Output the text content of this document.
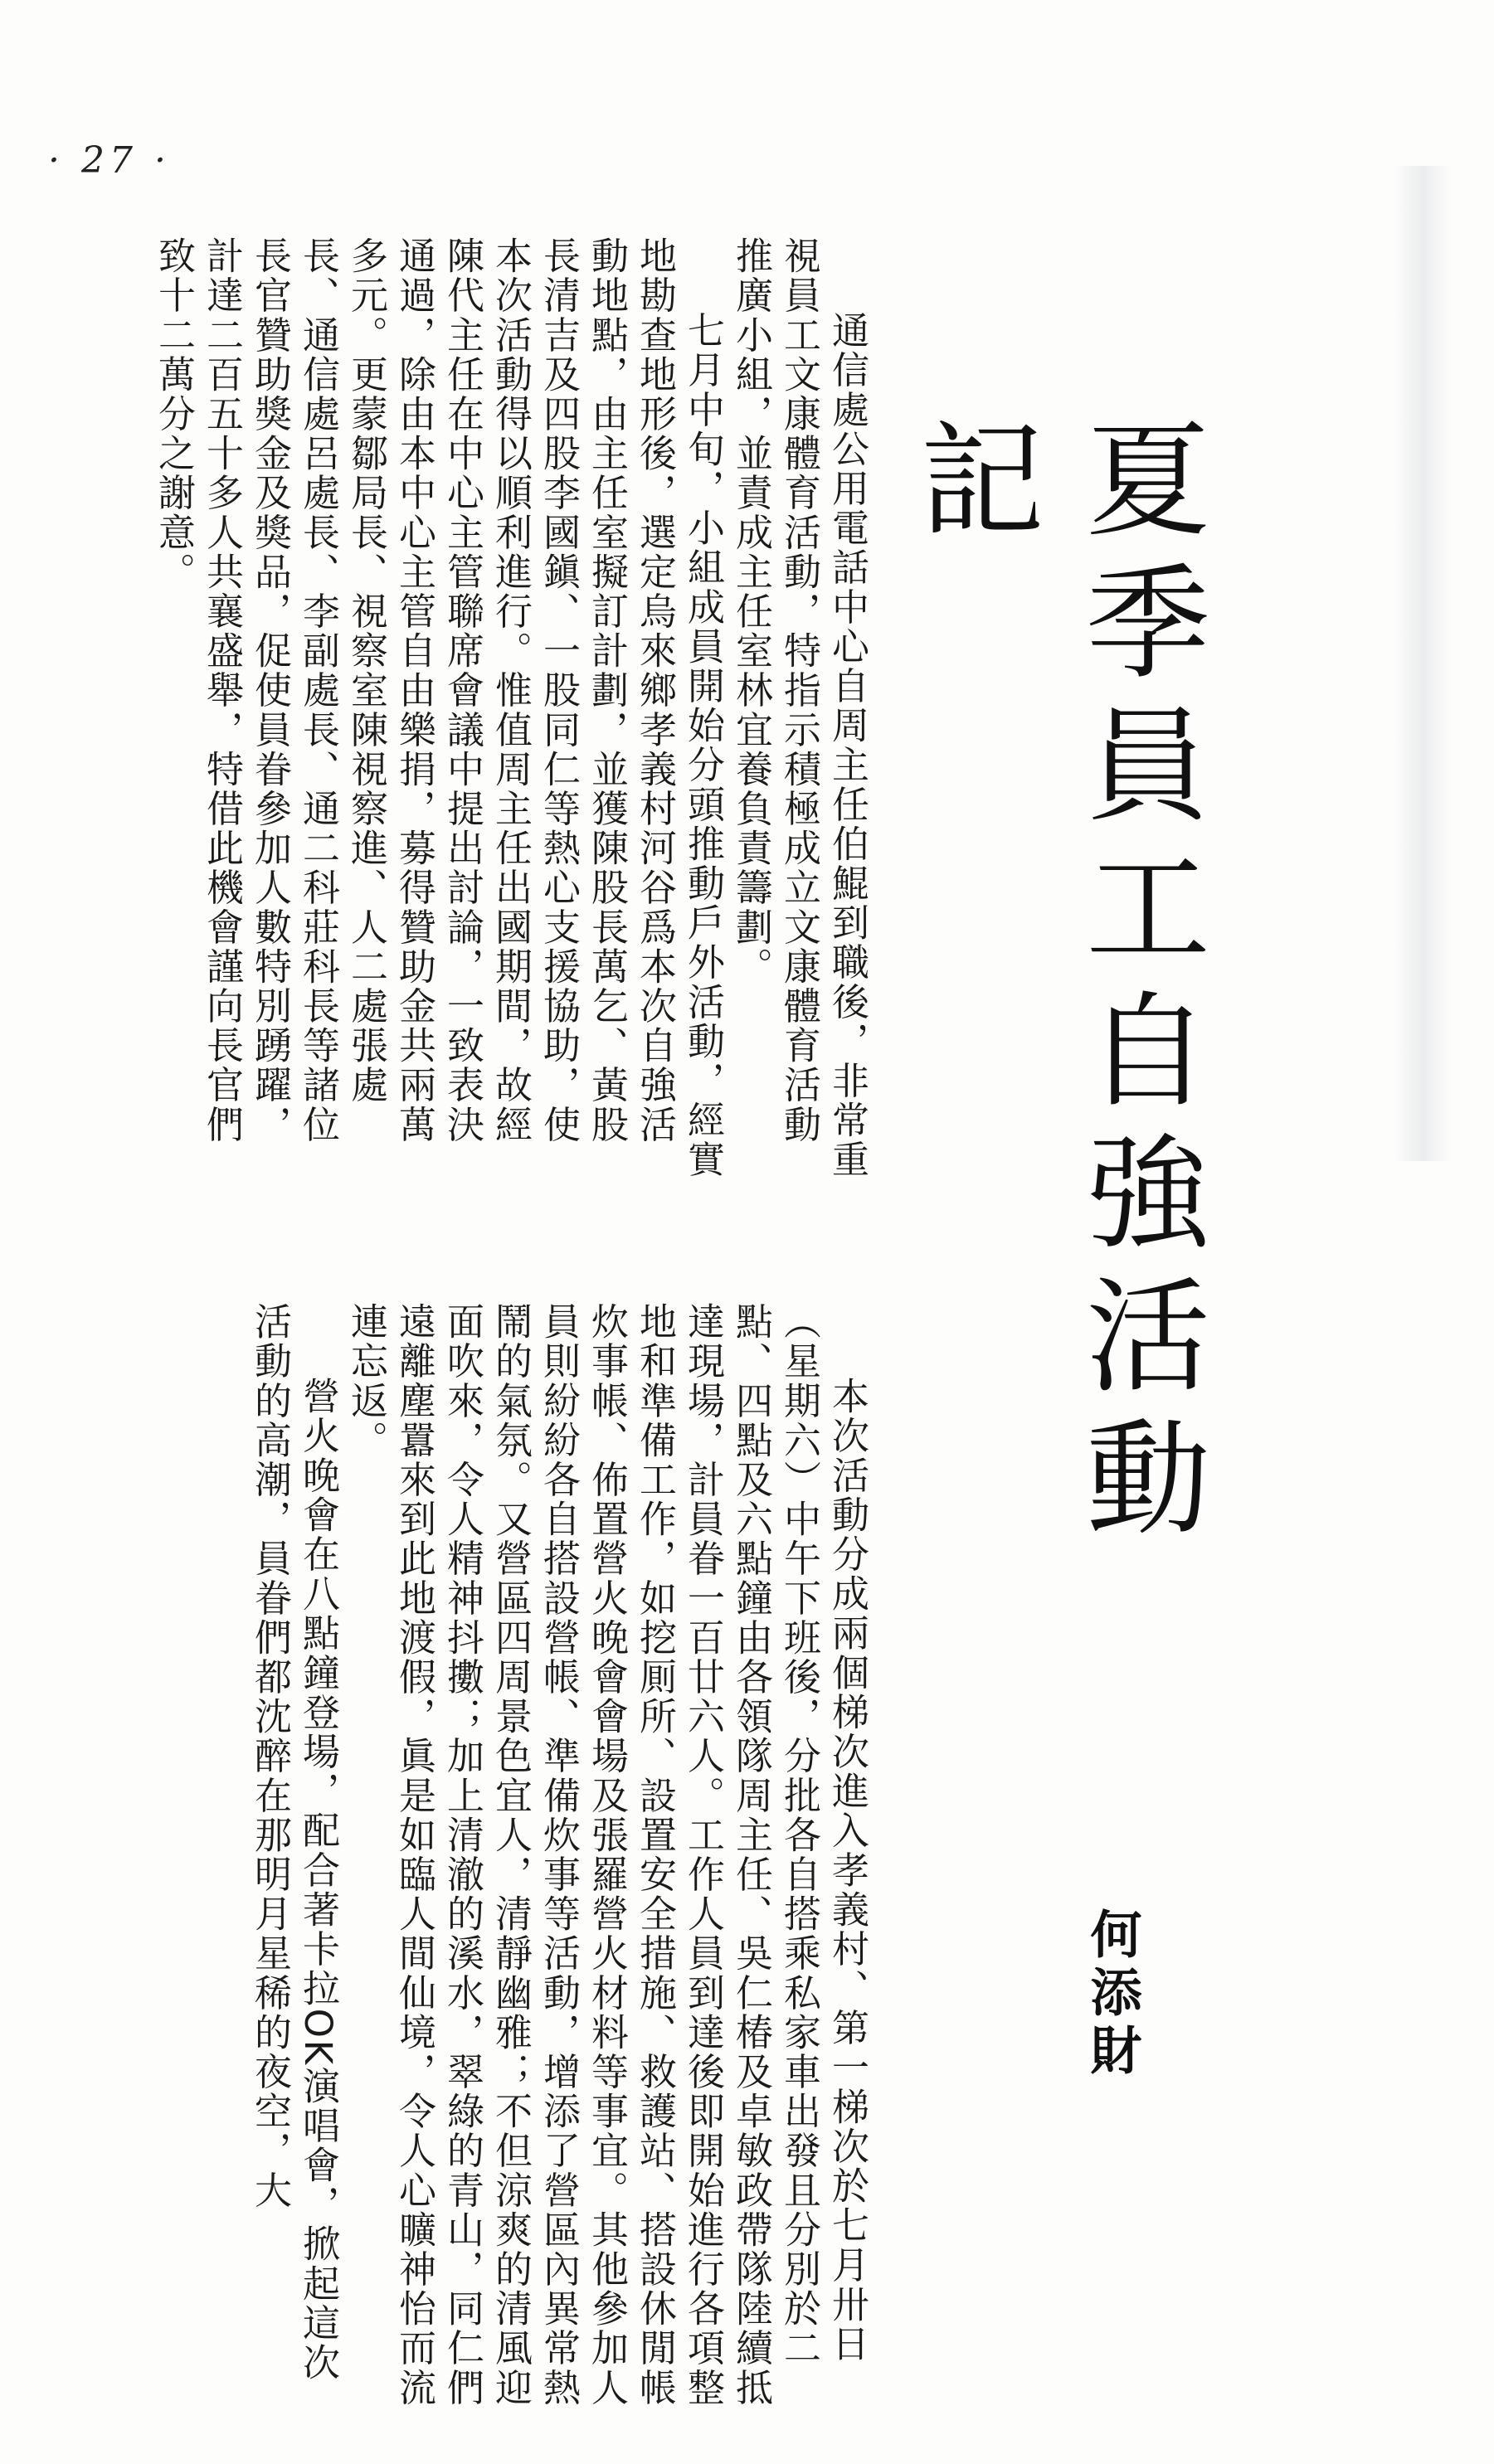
· 27 ·
夏季員工自強活動記
何添財

通信處公用電話中心自周主任伯鯤到職後，非常重視員工文康體育活動，特指示積極成立文康體育活動推廣小組，並責成主任室林宜養負責籌劃。

七月中旬，小組成員開始分頭推動戶外活動，經實地勘查地形後，選定烏來鄉孝義村河谷爲本次自強活動地點，由主任室擬訂計劃，並獲陳股長萬乞、黃股長清吉及四股李國鎭、一股同仁等熱心支援協助，使本次活動得以順利進行。惟值周主任出國期間，故經陳代主任在中心主管聯席會議中提出討論，一致表決通過，除由本中心主管自由樂捐，募得贊助金共兩萬多元。更蒙鄒局長、視察室陳視察進、人二處張處長、通信處呂處長、李副處長、通二科莊科長等諸位長官贊助獎金及獎品，促使員眷參加人數特別踴躍，計達二百五十多人共襄盛舉，特借此機會謹向長官們致十二萬分之謝意。

本次活動分成兩個梯次進入孝義村、第一梯次於七月卅日（星期六）中午下班後，分批各自搭乘私家車出發且分別於二點、四點及六點鐘由各領隊周主任、吳仁椿及卓敏政帶隊陸續抵達現場，計員眷一百廿六人。工作人員到達後即開始進行各項整地和準備工作，如挖厠所、設置安全措施、救護站、搭設休閒帳炊事帳、佈置營火晚會會場及張羅營火材料等事宜。其他參加人員則紛紛各自搭設營帳、準備炊事等活動，增添了營區內異常熱鬧的氣氛。又營區四周景色宜人，清靜幽雅；不但涼爽的清風迎面吹來，令人精神抖擻；加上清澈的溪水，翠綠的青山，同仁們遠離塵囂來到此地渡假，眞是如臨人間仙境，令人心曠神怡而流連忘返。

營火晚會在八點鐘登場，配合著卡拉OK演唱會，掀起這次活動的高潮，員眷們都沈醉在那明月星稀的夜空，大
